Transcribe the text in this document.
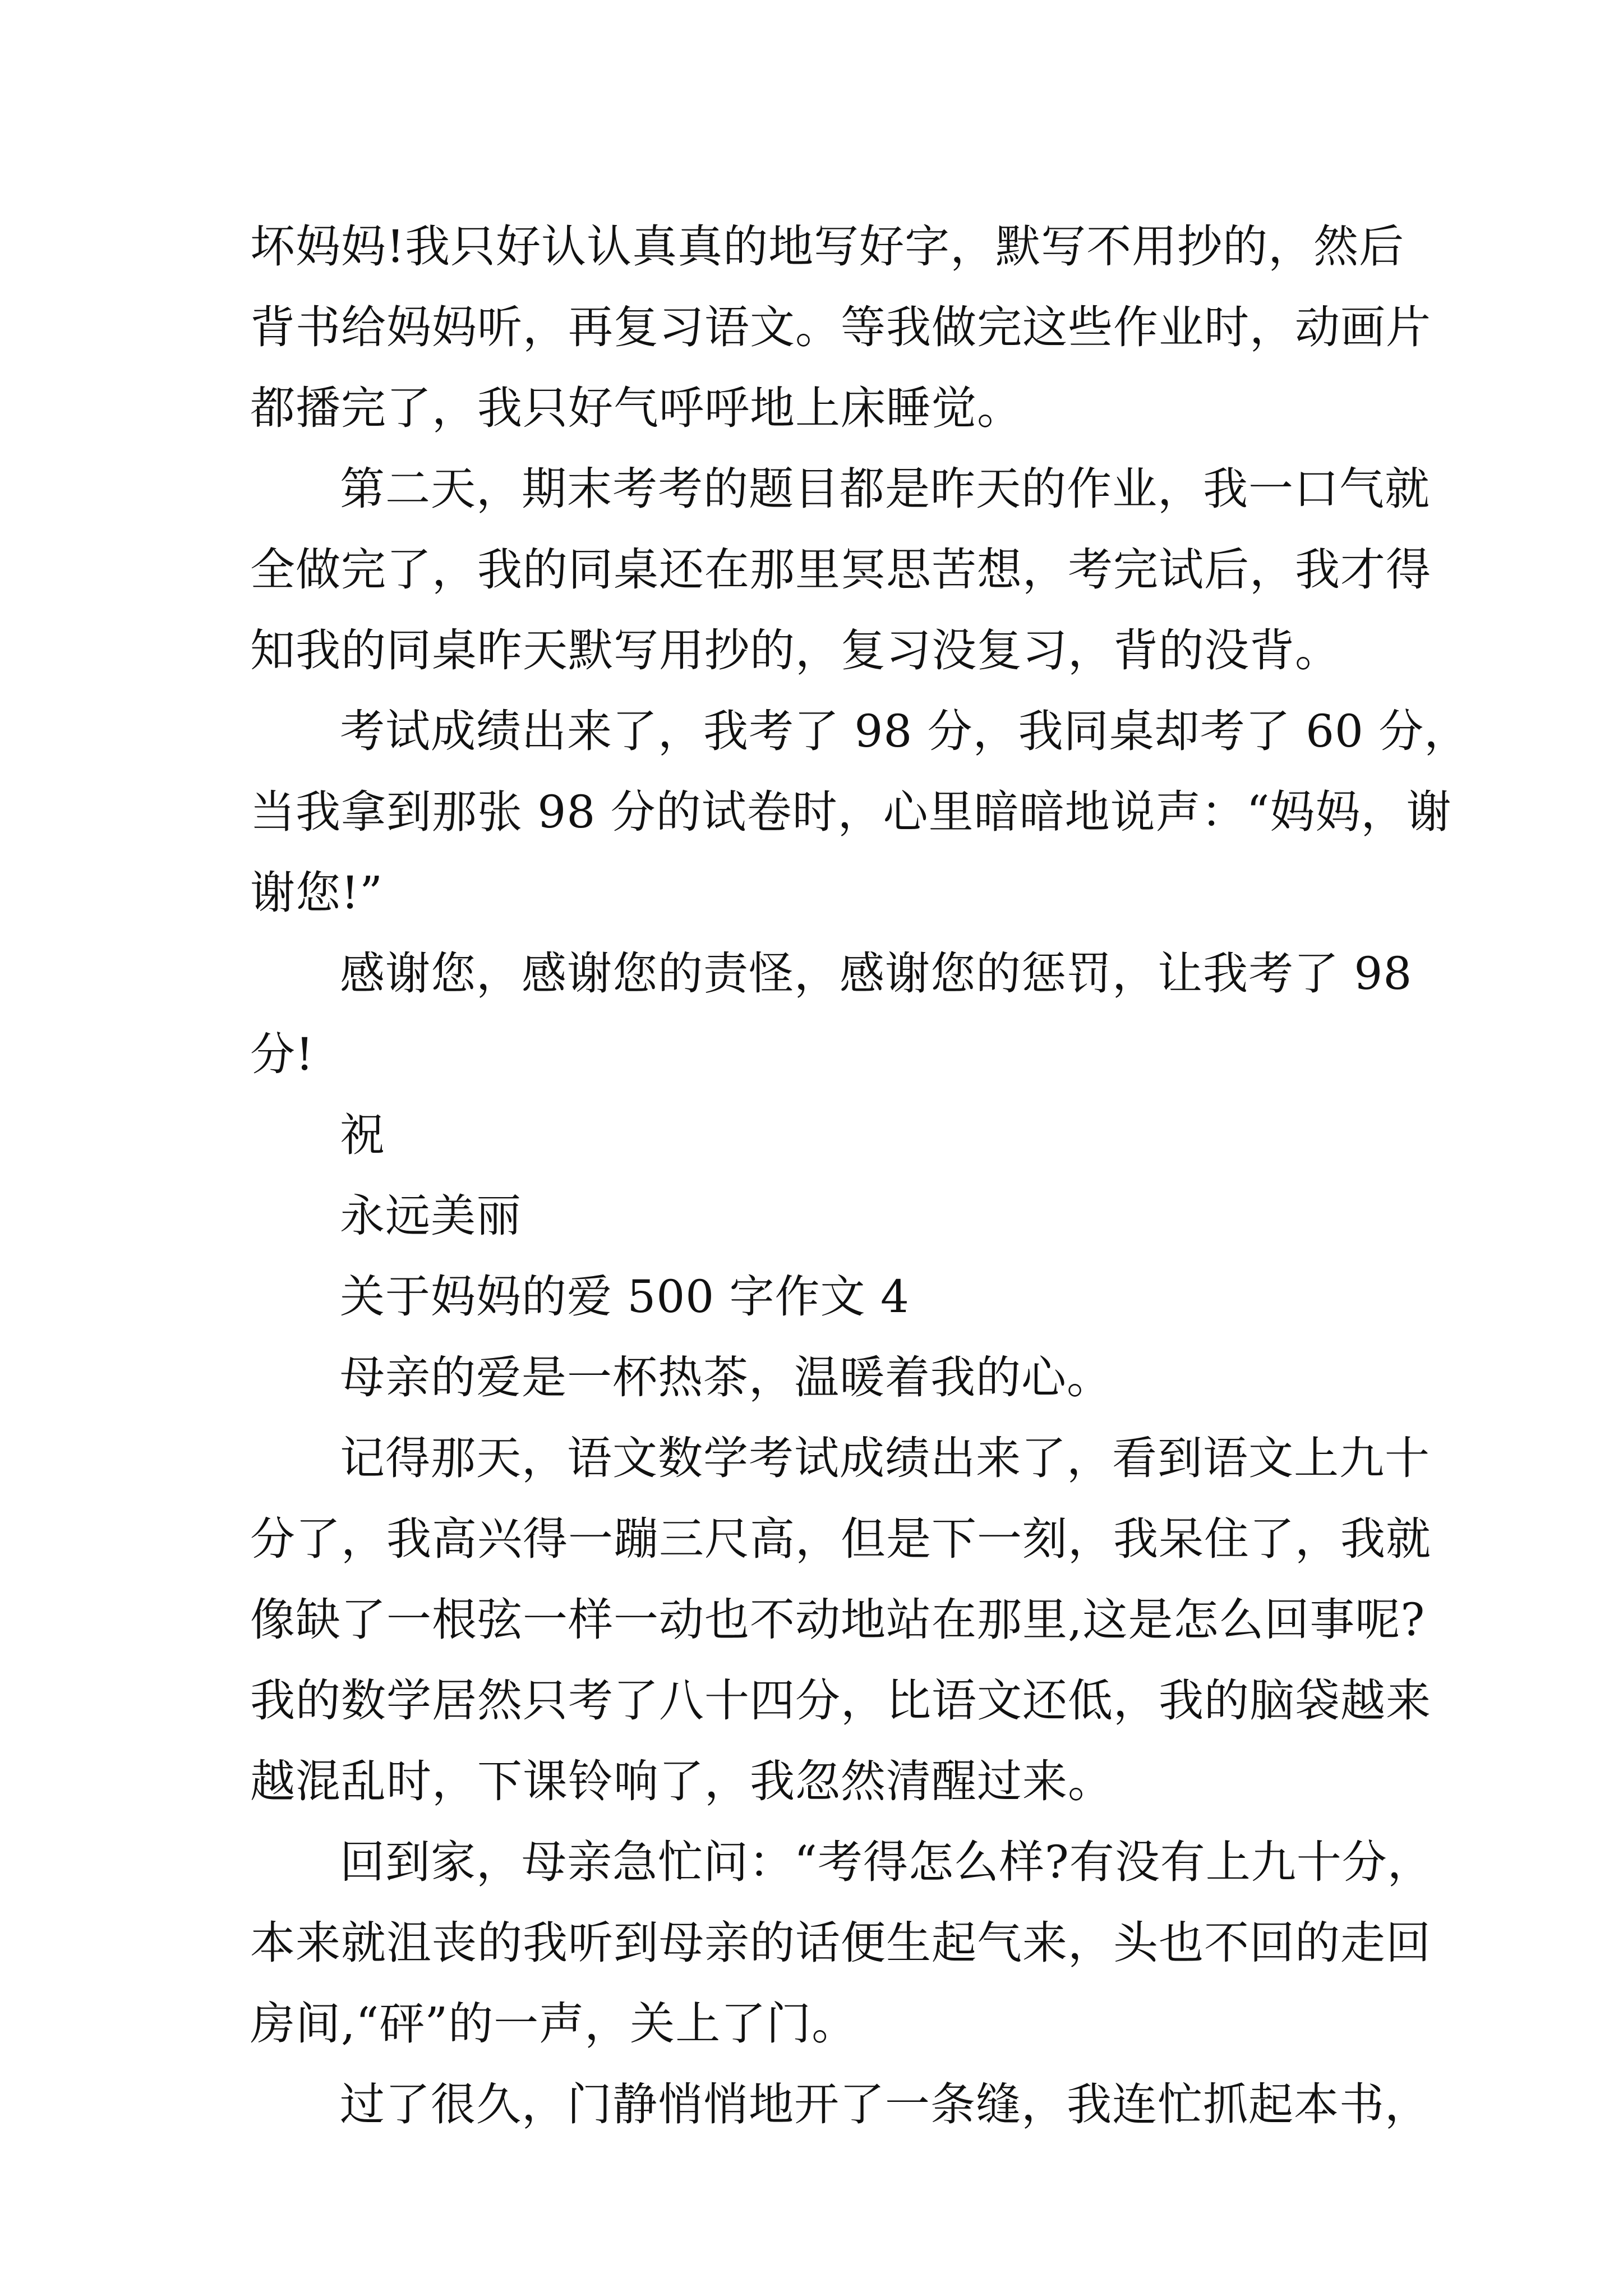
坏妈妈!我只好认认真真的地写好字，默写不用抄的，然后
背书给妈妈听，再复习语文。等我做完这些作业时，动画片
都播完了，我只好气呼呼地上床睡觉。
第二天，期末考考的题目都是昨天的作业，我一口气就
全做完了，我的同桌还在那里冥思苦想，考完试后，我才得
知我的同桌昨天默写用抄的，复习没复习，背的没背。
考试成绩出来了，我考了 98 分，我同桌却考了 60 分，
当我拿到那张 98 分的试卷时，心里暗暗地说声：“妈妈，谢
谢您!”
感谢您，感谢您的责怪，感谢您的惩罚，让我考了 98
分!
祝
永远美丽
关于妈妈的爱 500 字作文 4
母亲的爱是一杯热茶，温暖着我的心。
记得那天，语文数学考试成绩出来了，看到语文上九十
分了，我高兴得一蹦三尺高，但是下一刻，我呆住了，我就
像缺了一根弦一样一动也不动地站在那里,这是怎么回事呢?
我的数学居然只考了八十四分，比语文还低，我的脑袋越来
越混乱时，下课铃响了，我忽然清醒过来。
回到家，母亲急忙问：“考得怎么样?有没有上九十分，
本来就沮丧的我听到母亲的话便生起气来，头也不回的走回
房间,“砰”的一声，关上了门。
过了很久，门静悄悄地开了一条缝，我连忙抓起本书，
